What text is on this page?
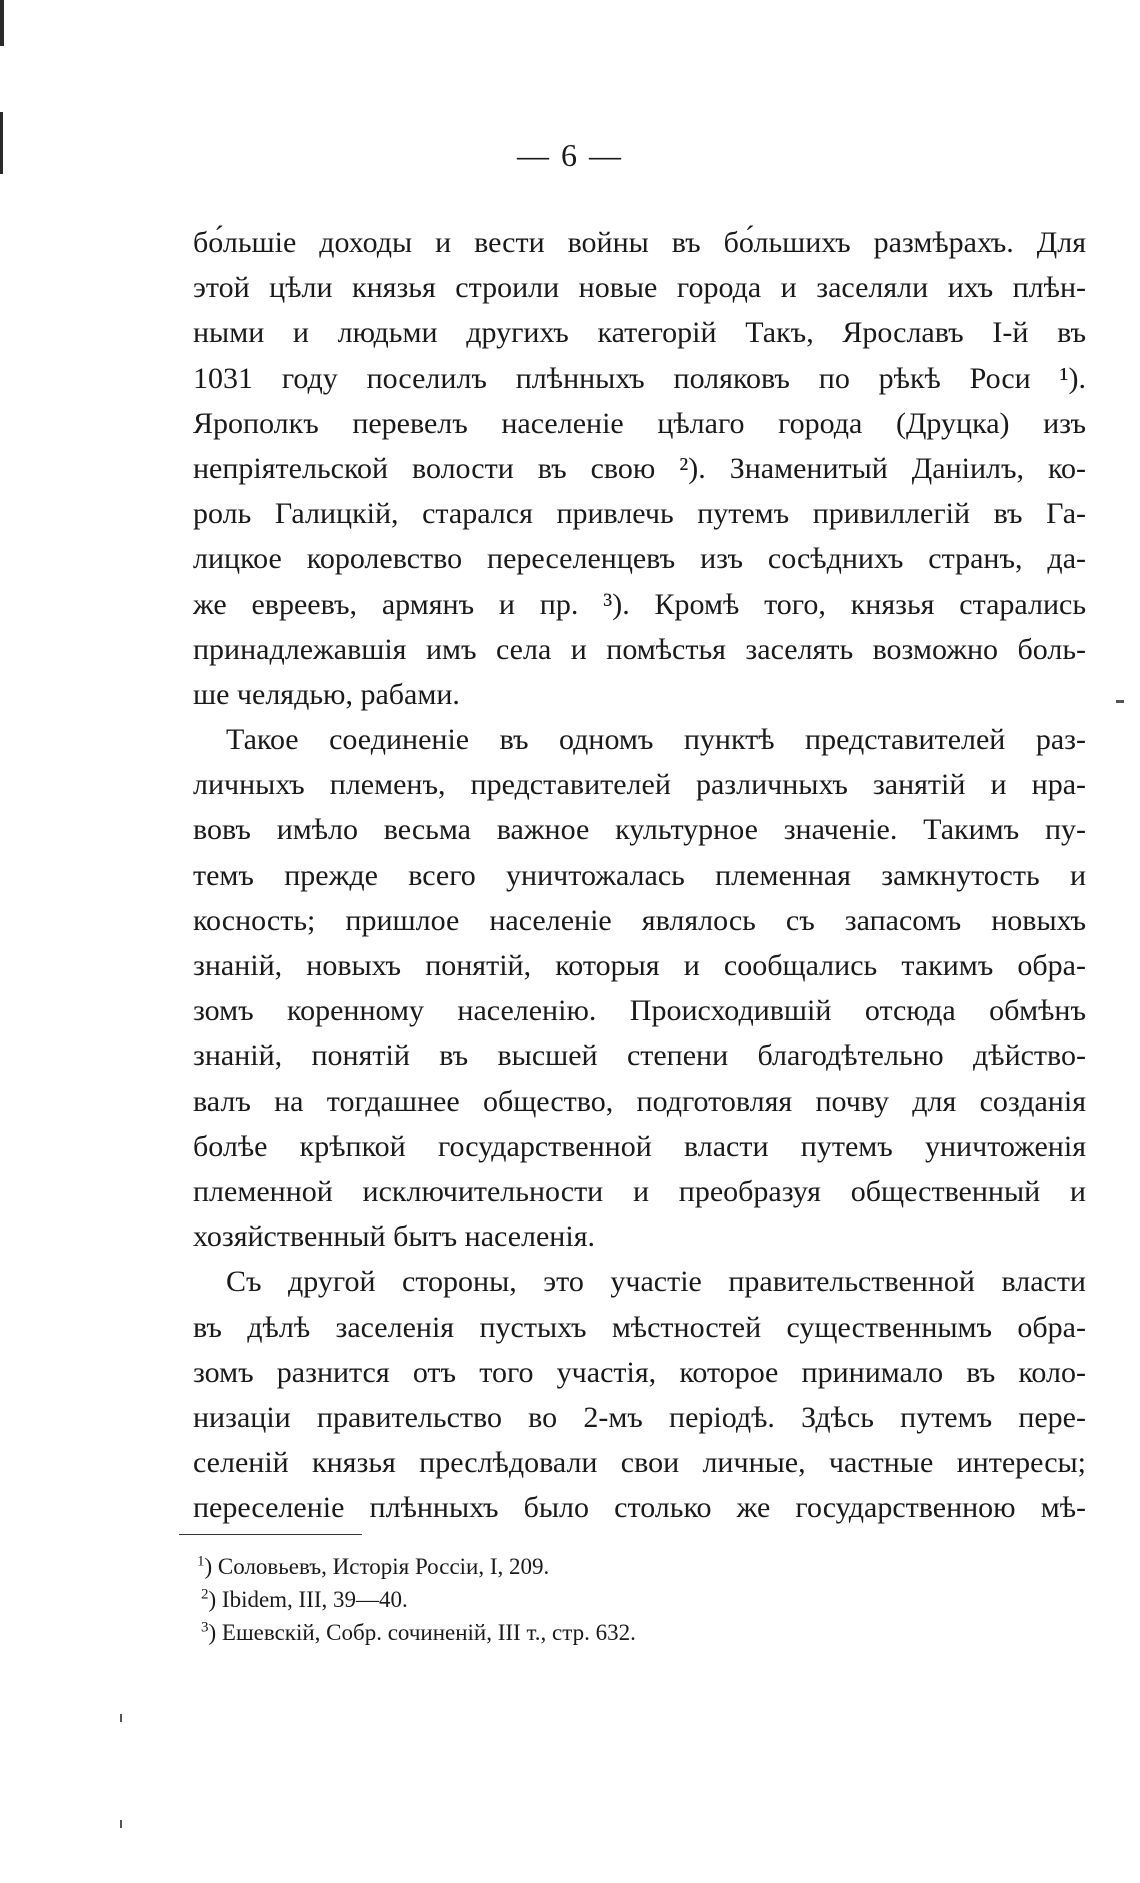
— 6 —
бо́льшіе доходы и вести войны въ бо́льшихъ размѣрахъ. Для
этой цѣли князья строили новые города и заселяли ихъ плѣн-
ными и людьми другихъ категорій Такъ, Ярославъ І-й въ
1031 году поселилъ плѣнныхъ поляковъ по рѣкѣ Роси ¹).
Ярополкъ перевелъ населеніе цѣлаго города (Друцка) изъ
непріятельской волости въ свою ²). Знаменитый Даніилъ, ко-
роль Галицкій, старался привлечь путемъ привиллегій въ Га-
лицкое королевство переселенцевъ изъ сосѣднихъ странъ, да-
же евреевъ, армянъ и пр. ³). Кромѣ того, князья старались
принадлежавшія имъ села и помѣстья заселять возможно боль-
ше челядью, рабами.
Такое соединеніе въ одномъ пунктѣ представителей раз-
личныхъ племенъ, представителей различныхъ занятій и нра-
вовъ имѣло весьма важное культурное значеніе. Такимъ пу-
темъ прежде всего уничтожалась племенная замкнутость и
косность; пришлое населеніе являлось съ запасомъ новыхъ
знаній, новыхъ понятій, которыя и сообщались такимъ обра-
зомъ коренному населенію. Происходившій отсюда обмѣнъ
знаній, понятій въ высшей степени благодѣтельно дѣйство-
валъ на тогдашнее общество, подготовляя почву для созданія
болѣе крѣпкой государственной власти путемъ уничтоженія
племенной исключительности и преобразуя общественный и
хозяйственный бытъ населенія.
Съ другой стороны, это участіе правительственной власти
въ дѣлѣ заселенія пустыхъ мѣстностей существеннымъ обра-
зомъ разнится отъ того участія, которое принимало въ коло-
низаціи правительство во 2-мъ періодѣ. Здѣсь путемъ пере-
селеній князья преслѣдовали свои личные, частные интересы;
переселеніе плѣнныхъ было столько же государственною мѣ-
$^1$) Соловьевъ, Исторія Россіи, I, 209.
$^2$) Ibidem, III, 39—40.
$^3$) Ешевскій, Собр. сочиненій, III т., стр. 632.
